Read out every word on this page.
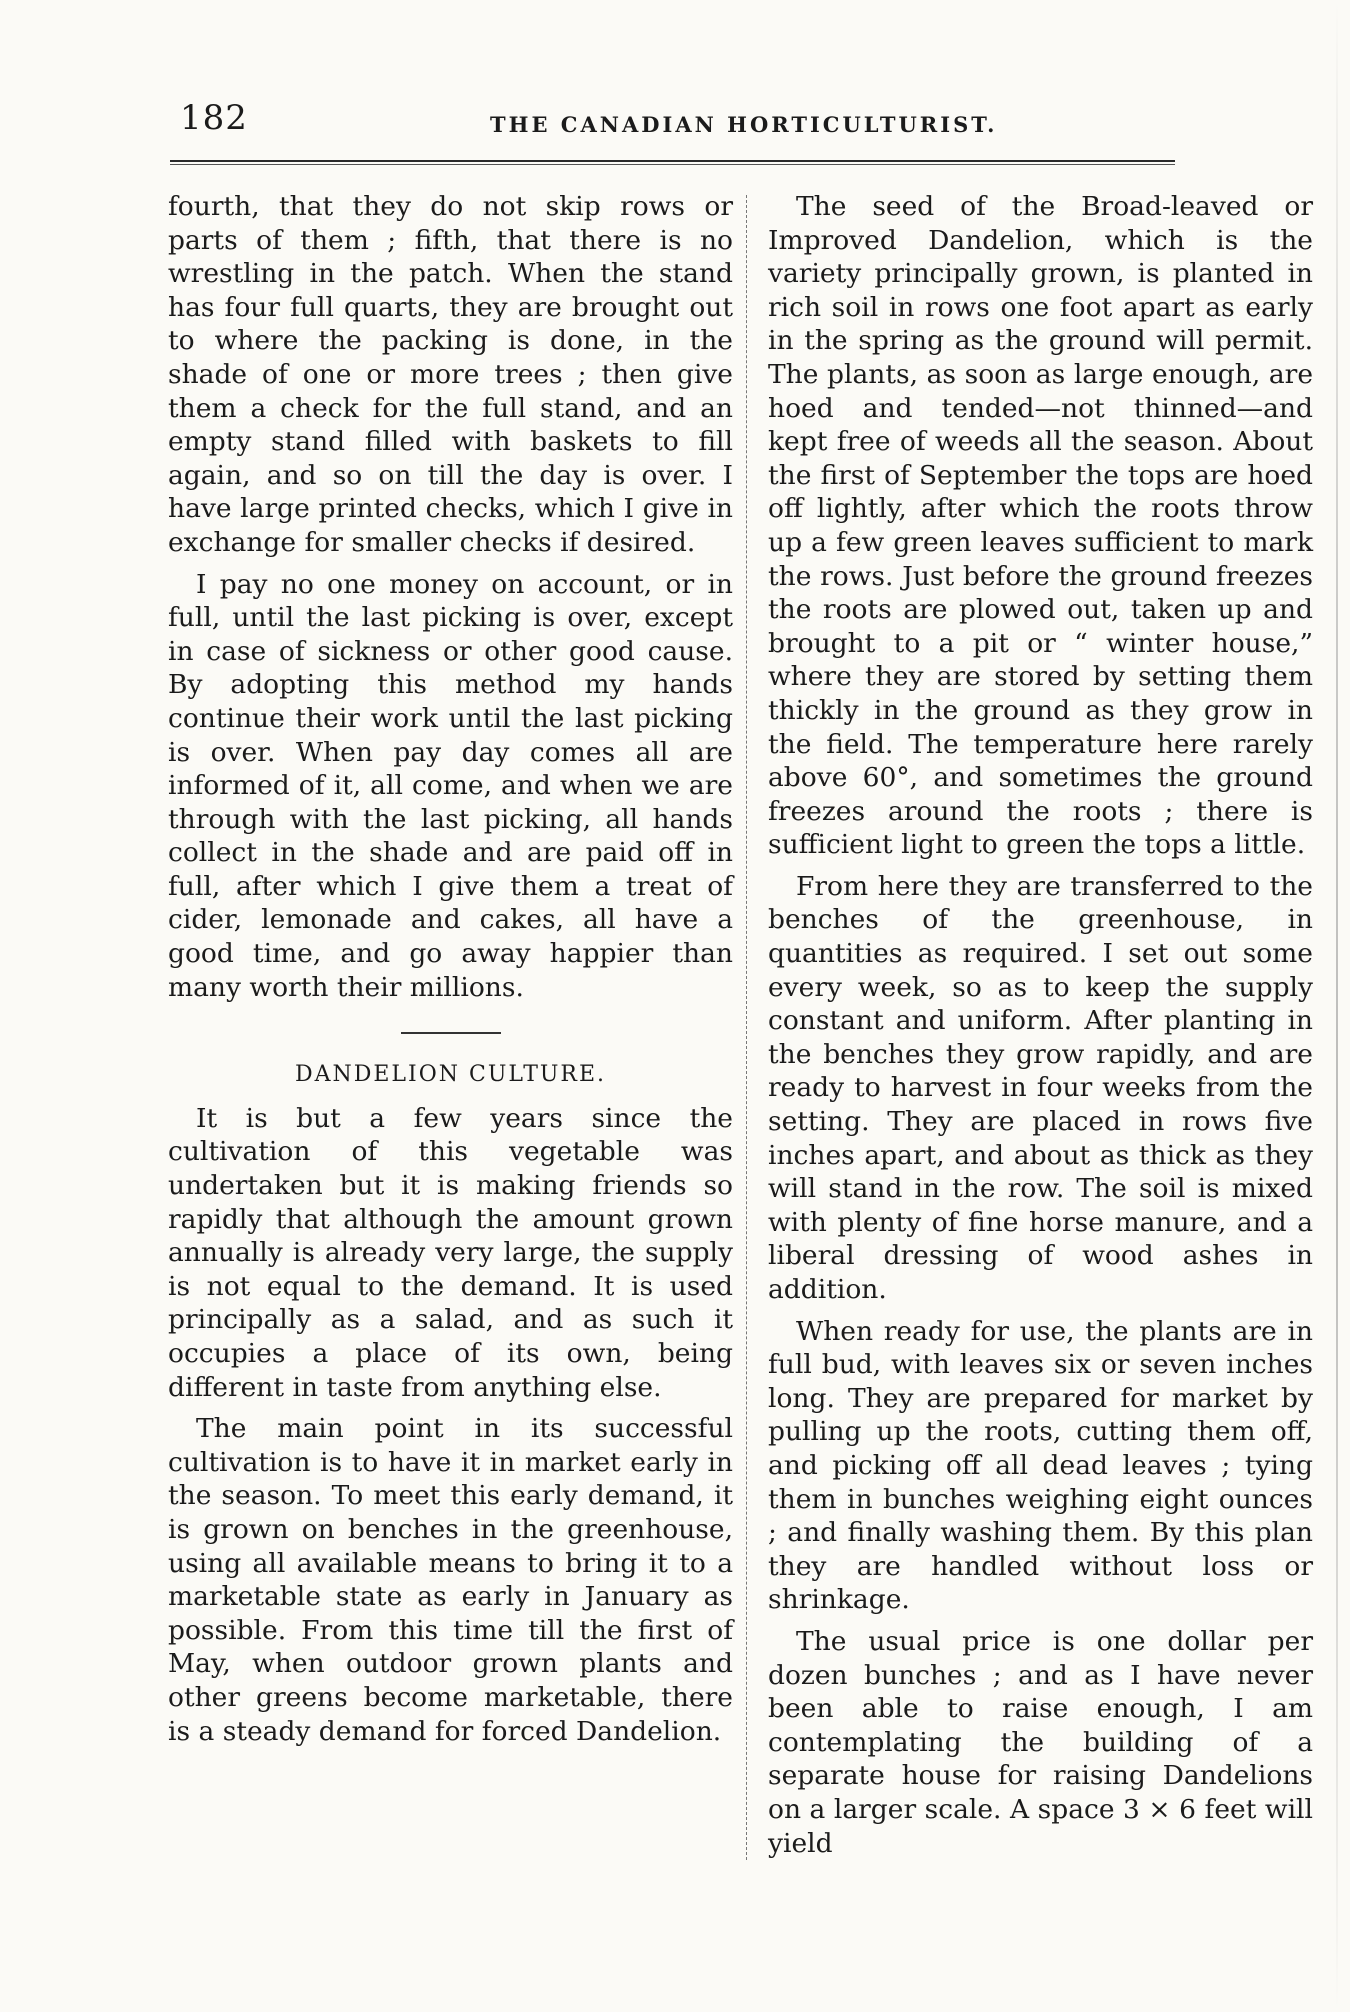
182	THE CANADIAN HORTICULTURIST.

fourth, that they do not skip rows or parts of them ; fifth, that there is no wrestling in the patch. When the stand has four full quarts, they are brought out to where the packing is done, in the shade of one or more trees ; then give them a check for the full stand, and an empty stand filled with baskets to fill again, and so on till the day is over. I have large printed checks, which I give in exchange for smaller checks if desired.

I pay no one money on account, or in full, until the last picking is over, except in case of sickness or other good cause. By adopting this method my hands continue their work until the last picking is over. When pay day comes all are informed of it, all come, and when we are through with the last picking, all hands collect in the shade and are paid off in full, after which I give them a treat of cider, lemonade and cakes, all have a good time, and go away happier than many worth their millions.

DANDELION CULTURE.

It is but a few years since the cultivation of this vegetable was undertaken but it is making friends so rapidly that although the amount grown annually is already very large, the supply is not equal to the demand. It is used principally as a salad, and as such it occupies a place of its own, being different in taste from anything else.

The main point in its successful cultivation is to have it in market early in the season. To meet this early demand, it is grown on benches in the greenhouse, using all available means to bring it to a marketable state as early in January as possible. From this time till the first of May, when outdoor grown plants and other greens become marketable, there is a steady demand for forced Dandelion.

The seed of the Broad-leaved or Improved Dandelion, which is the variety principally grown, is planted in rich soil in rows one foot apart as early in the spring as the ground will permit. The plants, as soon as large enough, are hoed and tended—not thinned—and kept free of weeds all the season. About the first of September the tops are hoed off lightly, after which the roots throw up a few green leaves sufficient to mark the rows. Just before the ground freezes the roots are plowed out, taken up and brought to a pit or “ winter house,” where they are stored by setting them thickly in the ground as they grow in the field. The temperature here rarely above 60°, and sometimes the ground freezes around the roots ; there is sufficient light to green the tops a little.

From here they are transferred to the benches of the greenhouse, in quantities as required. I set out some every week, so as to keep the supply constant and uniform. After planting in the benches they grow rapidly, and are ready to harvest in four weeks from the setting. They are placed in rows five inches apart, and about as thick as they will stand in the row. The soil is mixed with plenty of fine horse manure, and a liberal dressing of wood ashes in addition.

When ready for use, the plants are in full bud, with leaves six or seven inches long. They are prepared for market by pulling up the roots, cutting them off, and picking off all dead leaves ; tying them in bunches weighing eight ounces ; and finally washing them. By this plan they are handled without loss or shrinkage.

The usual price is one dollar per dozen bunches ; and as I have never been able to raise enough, I am contemplating the building of a separate house for raising Dandelions on a larger scale. A space 3 × 6 feet will yield
